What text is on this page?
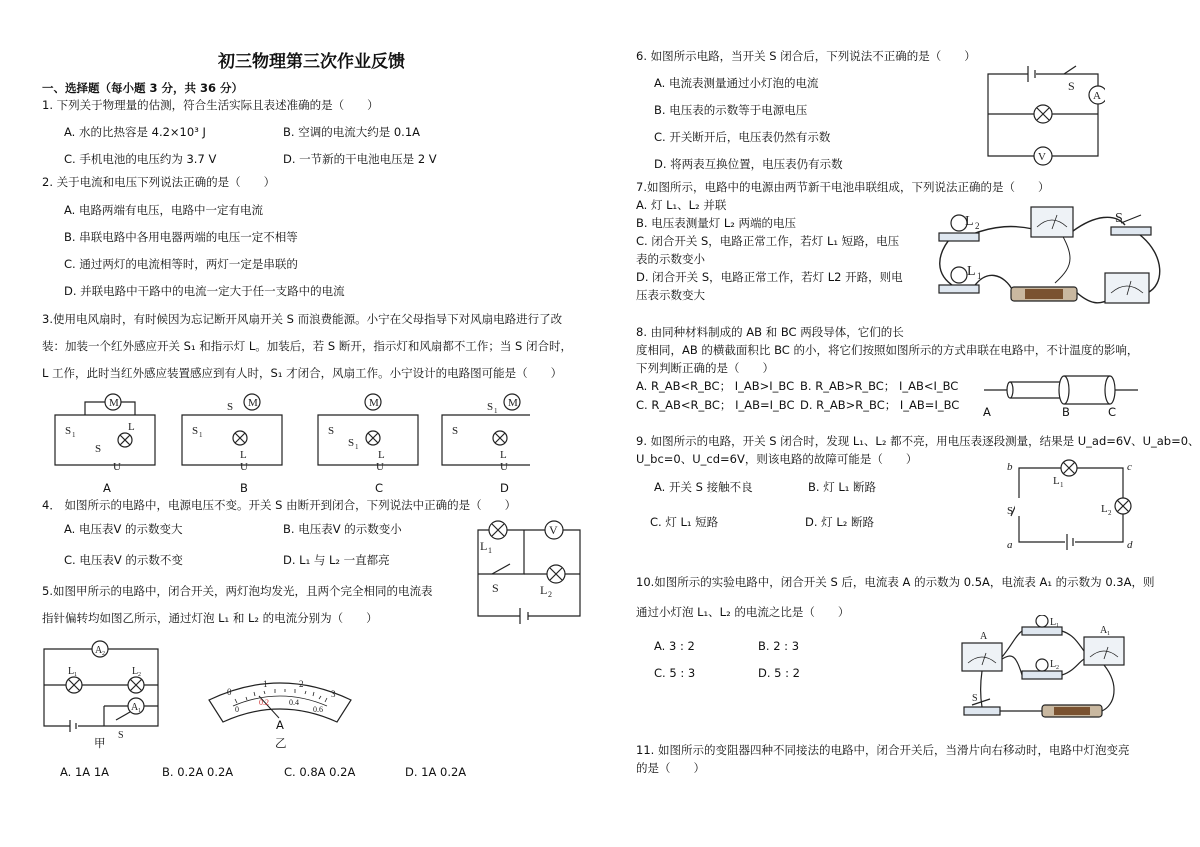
初三物理第三次作业反馈
一、选择题（每小题 3 分，共 36 分）
1. 下列关于物理量的估测，符合生活实际且表述准确的是（　　）
A. 水的比热容是 4.2×10³ J	B. 空调的电流大约是 0.1A
C. 手机电池的电压约为 3.7 V	D. 一节新的干电池电压是 2 V
2. 关于电流和电压下列说法正确的是（　　）
A. 电路两端有电压，电路中一定有电流
B. 串联电路中各用电器两端的电压一定不相等
C. 通过两灯的电流相等时，两灯一定是串联的
D. 并联电路中干路中的电流一定大于任一支路中的电流
3.使用电风扇时，有时候因为忘记断开风扇开关 S 而浪费能源。小宁在父母指导下对风扇电路进行了改
装：加装一个红外感应开关 S₁ 和指示灯 L。加装后，若 S 断开，指示灯和风扇都不工作；当 S 闭合时，
L 工作，此时当红外感应装置感应到有人时，S₁ 才闭合，风扇工作。小宁设计的电路图可能是（　　）
M
S 1
S
L
U
M
S
S 1
L
U
M
S
S 1
L
U
M
S 1
S
L
U
A	B	C	D
4． 如图所示的电路中，电源电压不变。开关 S 由断开到闭合，下列说法中正确的是（　　）
A. 电压表V 的示数变大	B. 电压表V 的示数变小
C. 电压表V 的示数不变	D. L₁ 与 L₂ 一直都亮
V
L 1
S	L 2
5.如图甲所示的电路中，闭合开关，两灯泡均发光，且两个完全相同的电流表
指针偏转均如图乙所示，通过灯泡 L₁ 和 L₂ 的电流分别为（　　）
A 2
A 1
L 1	L 2
S
甲
0
1	2
3
0
0.2	0.4
0.6
A
乙
A. 1A 1A	B. 0.2A 0.2A	C. 0.8A 0.2A	D. 1A 0.2A
6. 如图所示电路，当开关 S 闭合后，下列说法不正确的是（　　）
A. 电流表测量通过小灯泡的电流
B. 电压表的示数等于电源电压
C. 开关断开后，电压表仍然有示数
D. 将两表互换位置，电压表仍有示数
A
V
S
7.如图所示，电路中的电源由两节新干电池串联组成，下列说法正确的是（　　）
A. 灯 L₁、L₂ 并联
B. 电压表测量灯 L₂ 两端的电压
C. 闭合开关 S，电路正常工作，若灯 L₁ 短路，电压
表的示数变小
D. 闭合开关 S，电路正常工作，若灯 L2 开路，则电
压表示数变大
L 2
L 1
S
8. 由同种材料制成的 AB 和 BC 两段导体，它们的长
度相同，AB 的横截面积比 BC 的小，将它们按照如图所示的方式串联在电路中，不计温度的影响，
下列判断正确的是（　　）
A. R_AB<R_BC； I_AB>I_BC B. R_AB>R_BC； I_AB<I_BC
C. R_AB<R_BC； I_AB=I_BC D. R_AB>R_BC； I_AB=I_BC A	B	C
9. 如图所示的电路，开关 S 闭合时，发现 L₁、L₂ 都不亮，用电压表逐段测量，结果是 U_ad=6V、U_ab=0、
U_bc=0、U_cd=6V，则该电路的故障可能是（　　）
A. 开关 S 接触不良	B. 灯 L₁ 断路
C. 灯 L₁ 短路	D. 灯 L₂ 断路
b	c
a	d
S
L 1
L 2
10.如图所示的实验电路中，闭合开关 S 后，电流表 A 的示数为 0.5A，电流表 A₁ 的示数为 0.3A，则
通过小灯泡 L₁、L₂ 的电流之比是（　　）
A. 3 : 2	B. 2 : 3
C. 5 : 3	D. 5 : 2
A
A 1
L 1
L 2
S
11. 如图所示的变阻器四种不同接法的电路中，闭合开关后，当滑片向右移动时，电路中灯泡变亮
的是（　　）
